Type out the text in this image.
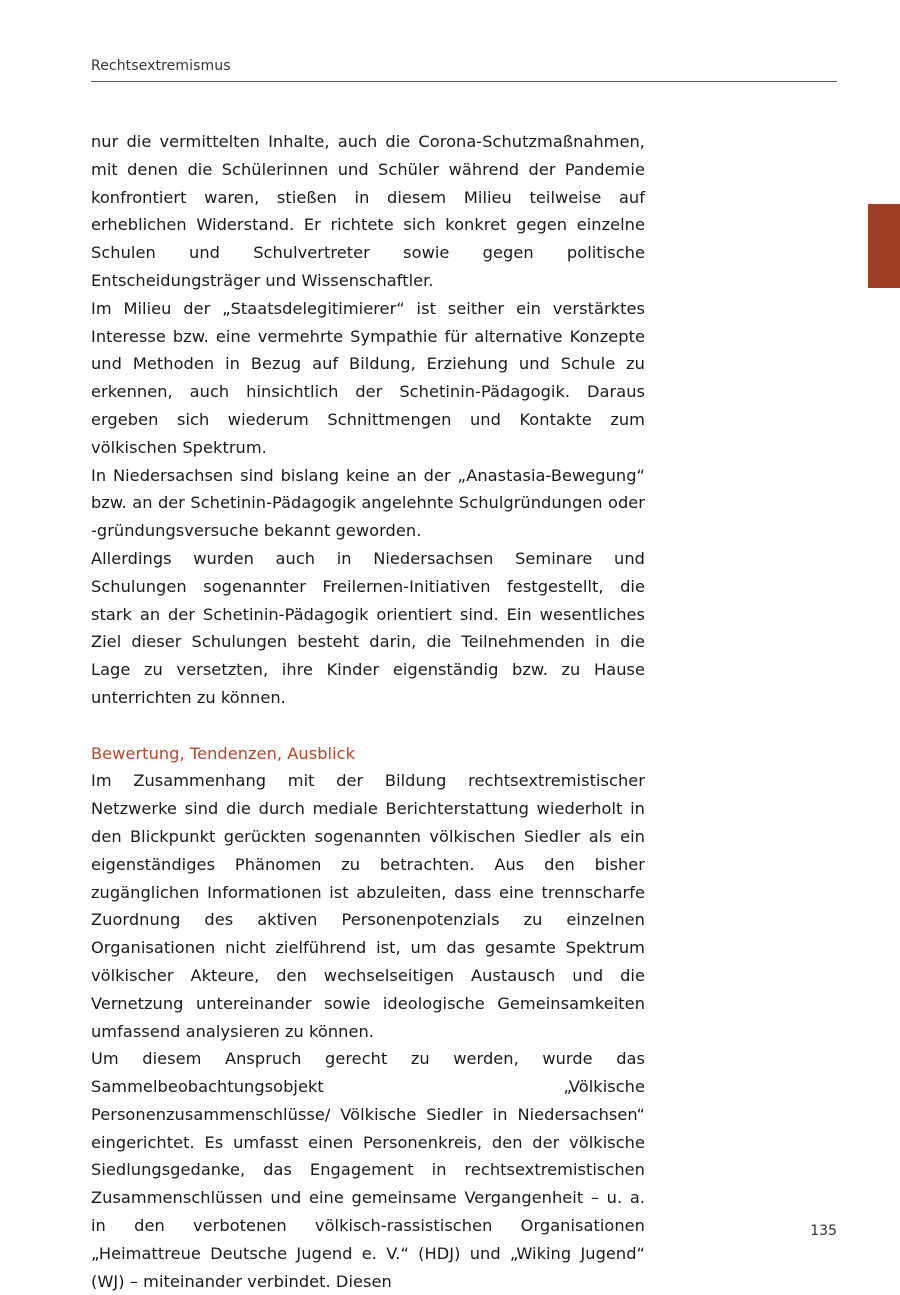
Rechtsextremismus

nur die vermittelten Inhalte, auch die Corona-Schutzmaßnahmen, mit denen die Schülerinnen und Schüler während der Pandemie konfrontiert waren, stießen in diesem Milieu teilweise auf erheblichen Widerstand. Er richtete sich konkret gegen einzelne Schulen und Schulvertreter sowie gegen politische Entscheidungsträger und Wissenschaftler.

Im Milieu der „Staatsdelegitimierer“ ist seither ein verstärktes Interesse bzw. eine vermehrte Sympathie für alternative Konzepte und Methoden in Bezug auf Bildung, Erziehung und Schule zu erkennen, auch hinsichtlich der Schetinin-Pädagogik. Daraus ergeben sich wiederum Schnittmengen und Kontakte zum völkischen Spektrum.

In Niedersachsen sind bislang keine an der „Anastasia-Bewegung“ bzw. an der Schetinin-Pädagogik angelehnte Schulgründungen oder -gründungsversuche bekannt geworden.

Allerdings wurden auch in Niedersachsen Seminare und Schulungen sogenannter Freilernen-Initiativen festgestellt, die stark an der Schetinin-Pädagogik orientiert sind. Ein wesentliches Ziel dieser Schulungen besteht darin, die Teilnehmenden in die Lage zu versetzten, ihre Kinder eigenständig bzw. zu Hause unterrichten zu können.

Bewertung, Tendenzen, Ausblick

Im Zusammenhang mit der Bildung rechtsextremistischer Netzwerke sind die durch mediale Berichterstattung wiederholt in den Blickpunkt gerückten sogenannten völkischen Siedler als ein eigenständiges Phänomen zu betrachten. Aus den bisher zugänglichen Informationen ist abzuleiten, dass eine trennscharfe Zuordnung des aktiven Personenpotenzials zu einzelnen Organisationen nicht zielführend ist, um das gesamte Spektrum völkischer Akteure, den wechselseitigen Austausch und die Vernetzung untereinander sowie ideologische Gemeinsamkeiten umfassend analysieren zu können.

Um diesem Anspruch gerecht zu werden, wurde das Sammelbeobachtungsobjekt „Völkische Personenzusammenschlüsse/ Völkische Siedler in Niedersachsen“ eingerichtet. Es umfasst einen Personenkreis, den der völkische Siedlungsgedanke, das Engagement in rechtsextremistischen Zusammenschlüssen und eine gemeinsame Vergangenheit – u. a. in den verbotenen völkisch-rassistischen Organisationen „Heimattreue Deutsche Jugend e. V.“ (HDJ) und „Wiking Jugend“ (WJ) – miteinander verbindet. Diesen

135
